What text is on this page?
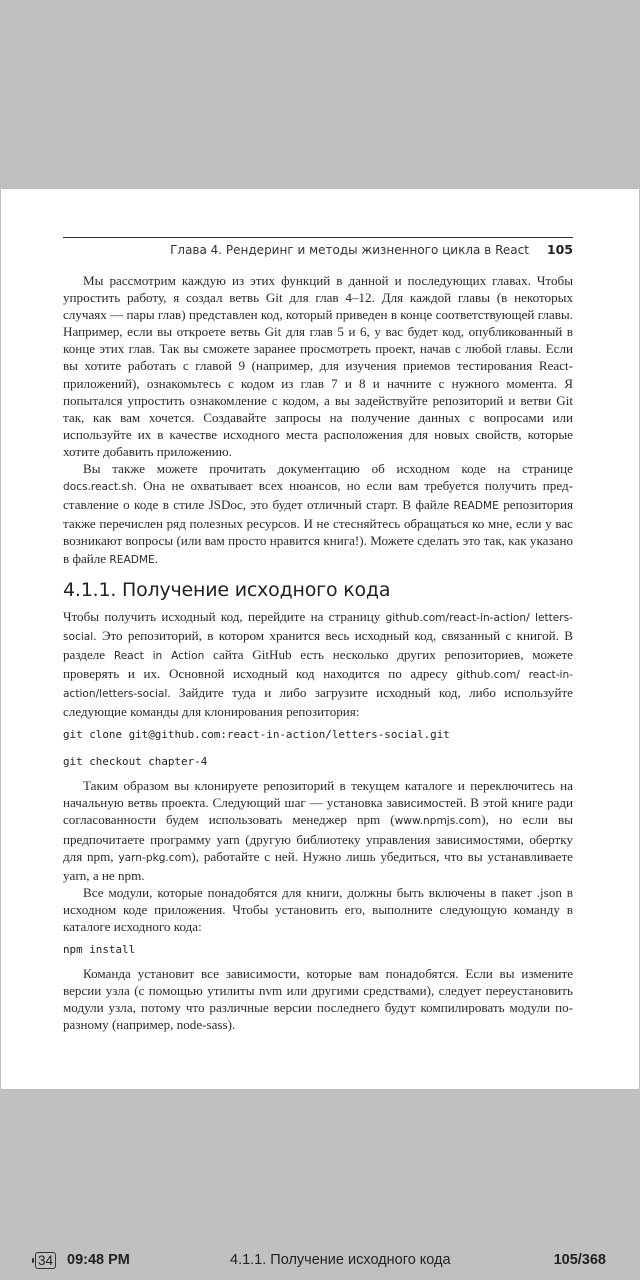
Глава 4. Рендеринг и методы жизненного цикла в React 105

Мы рассмотрим каждую из этих функций в данной и последующих главах. Чтобы упростить работу, я создал ветвь Git для глав 4–12. Для каждой главы (в некоторых случаях — пары глав) представлен код, который приведен в конце соответствующей главы. Например, если вы откроете ветвь Git для глав 5 и 6, у вас будет код, опубликованный в конце этих глав. Так вы сможете заранее просмотреть проект, начав с любой главы. Если вы хотите работать с главой 9 (например, для изучения приемов тестирования React-приложений), ознакомьтесь с кодом из глав 7 и 8 и начните с нужного момента. Я попытался упростить ознакомление с кодом, а вы задействуйте репозиторий и ветви Git так, как вам хочется. Создавайте запросы на получение данных с вопросами или используйте их в качестве исходного места расположения для новых свойств, которые хотите добавить приложению.

Вы также можете прочитать документацию об исходном коде на странице docs.react.sh. Она не охватывает всех нюансов, но если вам требуется получить представление о коде в стиле JSDoc, это будет отличный старт. В файле README репозитория также перечислен ряд полезных ресурсов. И не стесняйтесь обращаться ко мне, если у вас возникают вопросы (или вам просто нравится книга!). Можете сделать это так, как указано в файле README.

4.1.1. Получение исходного кода

Чтобы получить исходный код, перейдите на страницу github.com/react-in-action/ letters-social. Это репозиторий, в котором хранится весь исходный код, связанный с книгой. В разделе React in Action сайта GitHub есть несколько других репозиториев, можете проверять и их. Основной исходный код находится по адресу github.com/ react-in-action/letters-social. Зайдите туда и либо загрузите исходный код, либо используйте следующие команды для клонирования репозитория:

git clone git@github.com:react-in-action/letters-social.git
git checkout chapter-4

Таким образом вы клонируете репозиторий в текущем каталоге и переключитесь на начальную ветвь проекта. Следующий шаг — установка зависимостей. В этой книге ради согласованности будем использовать менеджер npm (www.npmjs.com), но если вы предпочитаете программу yarn (другую библиотеку управления зависимостями, обертку для npm, yarn-pkg.com), работайте с ней. Нужно лишь убедиться, что вы устанавливаете yarn, а не npm.

Все модули, которые понадобятся для книги, должны быть включены в пакет .json в исходном коде приложения. Чтобы установить его, выполните следующую команду в каталоге исходного кода:

npm install

Команда установит все зависимости, которые вам понадобятся. Если вы измените версии узла (с помощью утилиты nvm или другими средствами), следует переустановить модули узла, потому что различные версии последнего будут компилировать модули по-разному (например, node-sass).

34 09:48 PM	4.1.1. Получение исходного кода	105/368
